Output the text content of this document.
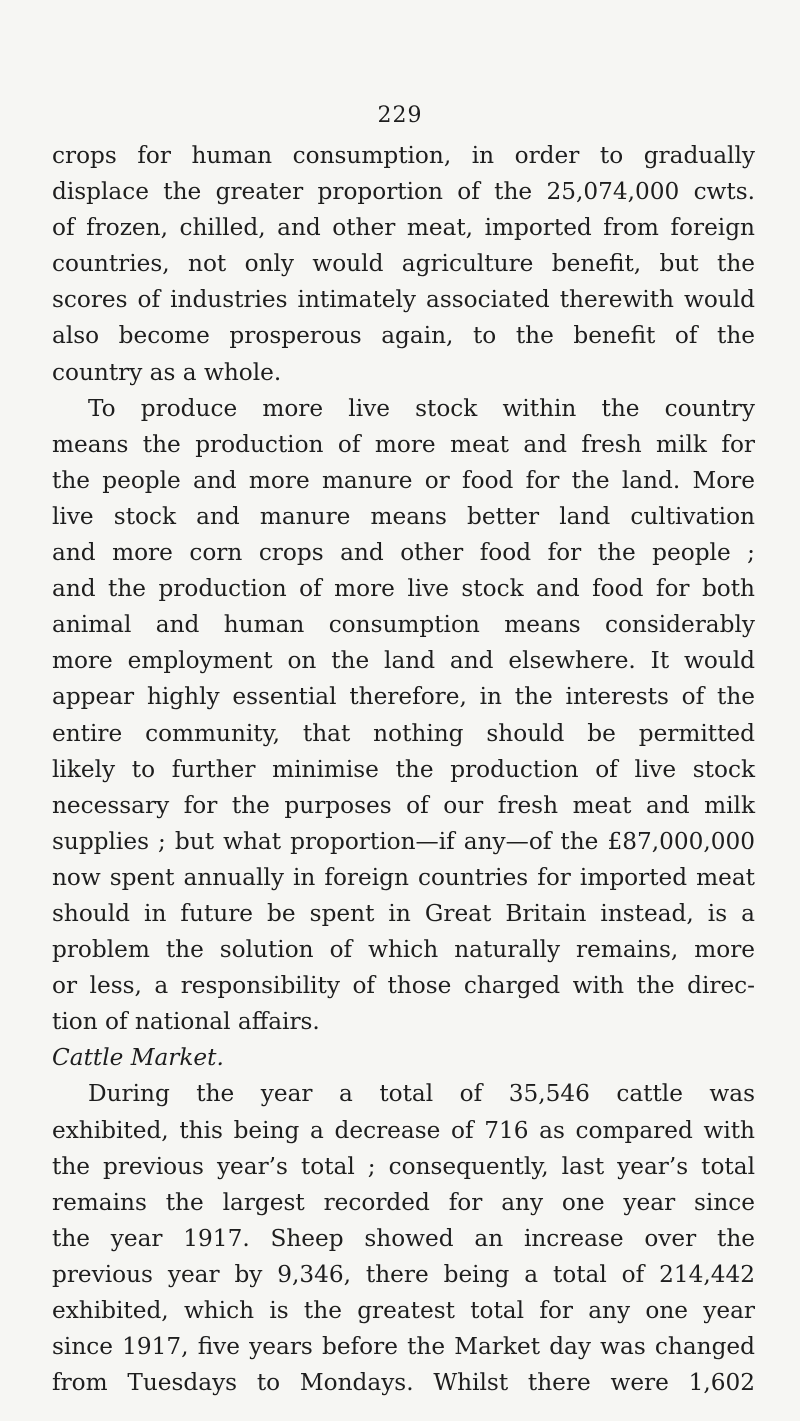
229
crops for human consumption, in order to gradually
displace the greater proportion of the 25,074,000 cwts.
of frozen, chilled, and other meat, imported from foreign
countries, not only would agriculture benefit, but the
scores of industries intimately associated therewith would
also become prosperous again, to the benefit of the
country as a whole.
To produce more live stock within the country
means the production of more meat and fresh milk for
the people and more manure or food for the land. More
live stock and manure means better land cultivation
and more corn crops and other food for the people ;
and the production of more live stock and food for both
animal and human consumption means considerably
more employment on the land and elsewhere. It would
appear highly essential therefore, in the interests of the
entire community, that nothing should be permitted
likely to further minimise the production of live stock
necessary for the purposes of our fresh meat and milk
supplies ; but what proportion—if any—of the £87,000,000
now spent annually in foreign countries for imported meat
should in future be spent in Great Britain instead, is a
problem the solution of which naturally remains, more
or less, a responsibility of those charged with the direc-
tion of national affairs.
Cattle Market.
During the year a total of 35,546 cattle was
exhibited, this being a decrease of 716 as compared with
the previous year’s total ; consequently, last year’s total
remains the largest recorded for any one year since
the year 1917. Sheep showed an increase over the
previous year by 9,346, there being a total of 214,442
exhibited, which is the greatest total for any one year
since 1917, five years before the Market day was changed
from Tuesdays to Mondays. Whilst there were 1,602
